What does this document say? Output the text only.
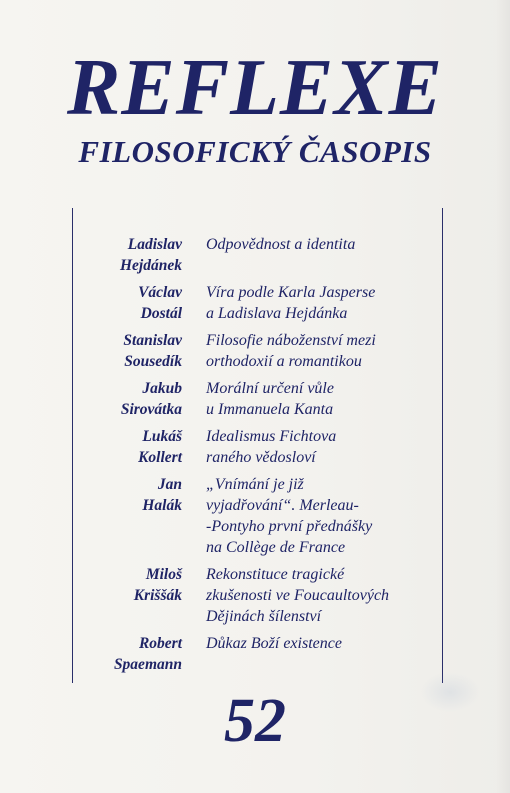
REFLEXE
FILOSOFICKÝ ČASOPIS
Ladislav
Hejdánek
Odpovědnost a identita
Václav
Dostál
Víra podle Karla Jasperse
a Ladislava Hejdánka
Stanislav
Sousedík
Filosofie náboženství mezi
orthodoxií a romantikou
Jakub
Sirovátka
Morální určení vůle
u Immanuela Kanta
Lukáš
Kollert
Idealismus Fichtova
raného vědosloví
Jan
Halák
„Vnímání je již
vyjadřování“. Merleau-
-Pontyho první přednášky
na Collège de France
Miloš
Kriššák
Rekonstituce tragické
zkušenosti ve Foucaultových
Dějinách šílenství
Robert
Spaemann
Důkaz Boží existence
52
